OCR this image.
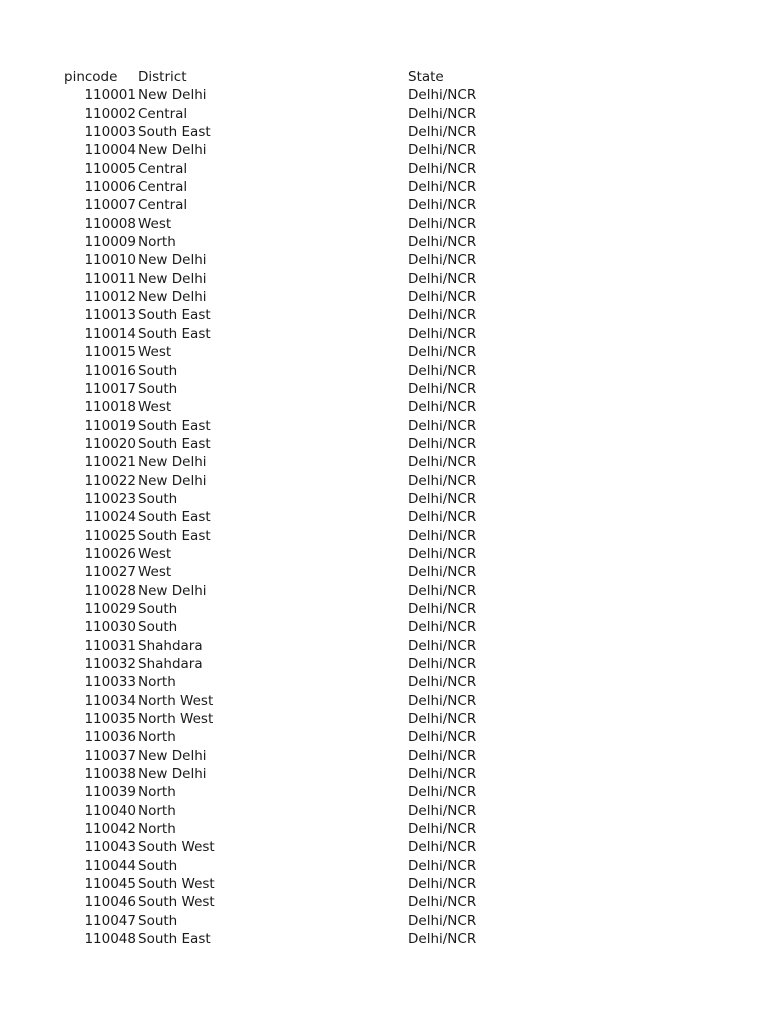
pincode	District	State
110001	New Delhi	Delhi/NCR
110002	Central	Delhi/NCR
110003	South East	Delhi/NCR
110004	New Delhi	Delhi/NCR
110005	Central	Delhi/NCR
110006	Central	Delhi/NCR
110007	Central	Delhi/NCR
110008	West	Delhi/NCR
110009	North	Delhi/NCR
110010	New Delhi	Delhi/NCR
110011	New Delhi	Delhi/NCR
110012	New Delhi	Delhi/NCR
110013	South East	Delhi/NCR
110014	South East	Delhi/NCR
110015	West	Delhi/NCR
110016	South	Delhi/NCR
110017	South	Delhi/NCR
110018	West	Delhi/NCR
110019	South East	Delhi/NCR
110020	South East	Delhi/NCR
110021	New Delhi	Delhi/NCR
110022	New Delhi	Delhi/NCR
110023	South	Delhi/NCR
110024	South East	Delhi/NCR
110025	South East	Delhi/NCR
110026	West	Delhi/NCR
110027	West	Delhi/NCR
110028	New Delhi	Delhi/NCR
110029	South	Delhi/NCR
110030	South	Delhi/NCR
110031	Shahdara	Delhi/NCR
110032	Shahdara	Delhi/NCR
110033	North	Delhi/NCR
110034	North West	Delhi/NCR
110035	North West	Delhi/NCR
110036	North	Delhi/NCR
110037	New Delhi	Delhi/NCR
110038	New Delhi	Delhi/NCR
110039	North	Delhi/NCR
110040	North	Delhi/NCR
110042	North	Delhi/NCR
110043	South West	Delhi/NCR
110044	South	Delhi/NCR
110045	South West	Delhi/NCR
110046	South West	Delhi/NCR
110047	South	Delhi/NCR
110048	South East	Delhi/NCR
